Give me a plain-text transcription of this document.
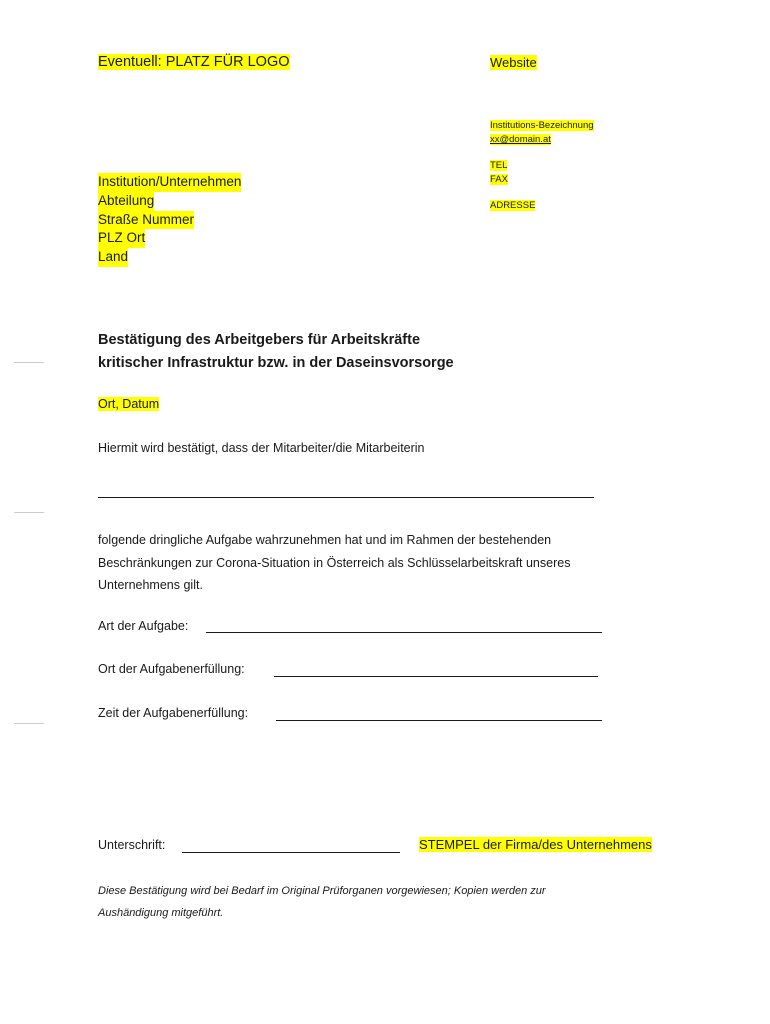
Eventuell: PLATZ FÜR LOGO	Website
Institutions-Bezeichnung
xx@domain.at
TEL
FAX
ADRESSE
Institution/Unternehmen
Abteilung
Straße Nummer
PLZ Ort
Land
Bestätigung des Arbeitgebers für Arbeitskräfte
kritischer Infrastruktur bzw. in der Daseinsvorsorge
Ort, Datum
Hiermit wird bestätigt, dass der Mitarbeiter/die Mitarbeiterin
folgende dringliche Aufgabe wahrzunehmen hat und im Rahmen der bestehenden
Beschränkungen zur Corona-Situation in Österreich als Schlüsselarbeitskraft unseres
Unternehmens gilt.
Art der Aufgabe:
Ort der Aufgabenerfüllung:
Zeit der Aufgabenerfüllung:
Unterschrift:	STEMPEL der Firma/des Unternehmens
Diese Bestätigung wird bei Bedarf im Original Prüforganen vorgewiesen; Kopien werden zur
Aushändigung mitgeführt.
